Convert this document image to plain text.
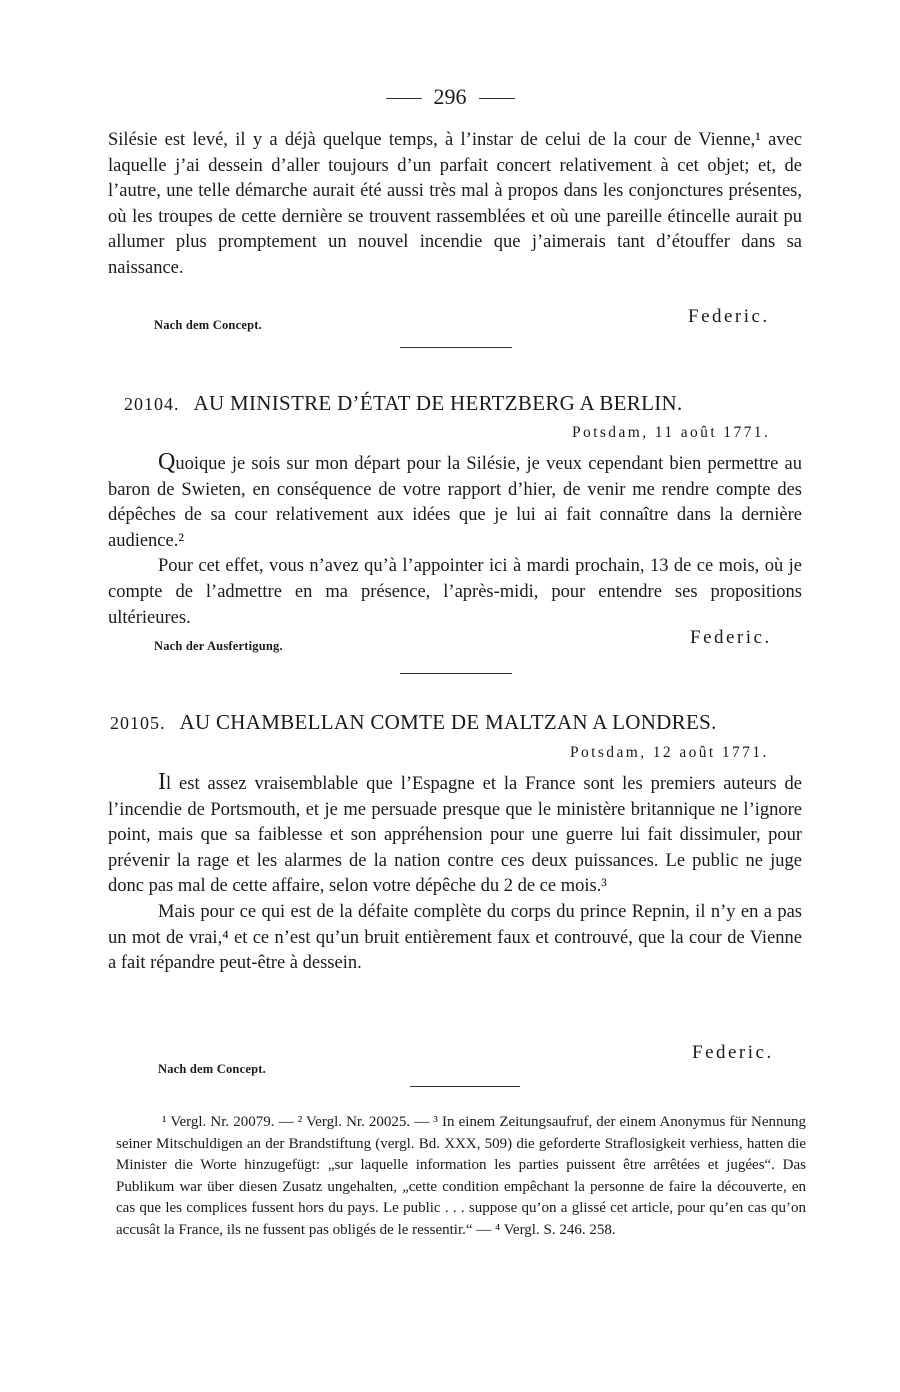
296

Silésie est levé, il y a déjà quelque temps, à l’instar de celui de la cour de Vienne,¹ avec laquelle j’ai dessein d’aller toujours d’un parfait concert relativement à cet objet; et, de l’autre, une telle démarche aurait été aussi très mal à propos dans les conjonctures présentes, où les troupes de cette dernière se trouvent rassemblées et où une pareille étincelle aurait pu allumer plus promptement un nouvel incendie que j’aimerais tant d’étouffer dans sa naissance.

Nach dem Concept.	Federic.
20104. AU MINISTRE D’ÉTAT DE HERTZBERG A BERLIN.
Potsdam, 11 août 1771.

Quoique je sois sur mon départ pour la Silésie, je veux cependant bien permettre au baron de Swieten, en conséquence de votre rapport d’hier, de venir me rendre compte des dépêches de sa cour relativement aux idées que je lui ai fait connaître dans la dernière audience.²

Pour cet effet, vous n’avez qu’à l’appointer ici à mardi prochain, 13 de ce mois, où je compte de l’admettre en ma présence, l’après-midi, pour entendre ses propositions ultérieures.

Nach der Ausfertigung.	Federic.
20105. AU CHAMBELLAN COMTE DE MALTZAN A LONDRES.
Potsdam, 12 août 1771.

Il est assez vraisemblable que l’Espagne et la France sont les premiers auteurs de l’incendie de Portsmouth, et je me persuade presque que le ministère britannique ne l’ignore point, mais que sa faiblesse et son appréhension pour une guerre lui fait dissimuler, pour prévenir la rage et les alarmes de la nation contre ces deux puissances. Le public ne juge donc pas mal de cette affaire, selon votre dépêche du 2 de ce mois.³

Mais pour ce qui est de la défaite complète du corps du prince Repnin, il n’y en a pas un mot de vrai,⁴ et ce n’est qu’un bruit entièrement faux et controuvé, que la cour de Vienne a fait répandre peut-être à dessein.

Nach dem Concept.
Federic.

¹ Vergl. Nr. 20079. — ² Vergl. Nr. 20025. — ³ In einem Zeitungsaufruf, der einem Anonymus für Nennung seiner Mitschuldigen an der Brandstiftung (vergl. Bd. XXX, 509) die geforderte Straflosigkeit verhiess, hatten die Minister die Worte hinzugefügt: „sur laquelle information les parties puissent être arrêtées et jugées“. Das Publikum war über diesen Zusatz ungehalten, „cette condition empêchant la personne de faire la découverte, en cas que les complices fussent hors du pays. Le public . . . suppose qu’on a glissé cet article, pour qu’en cas qu’on accusât la France, ils ne fussent pas obligés de le ressentir.“ — ⁴ Vergl. S. 246. 258.
